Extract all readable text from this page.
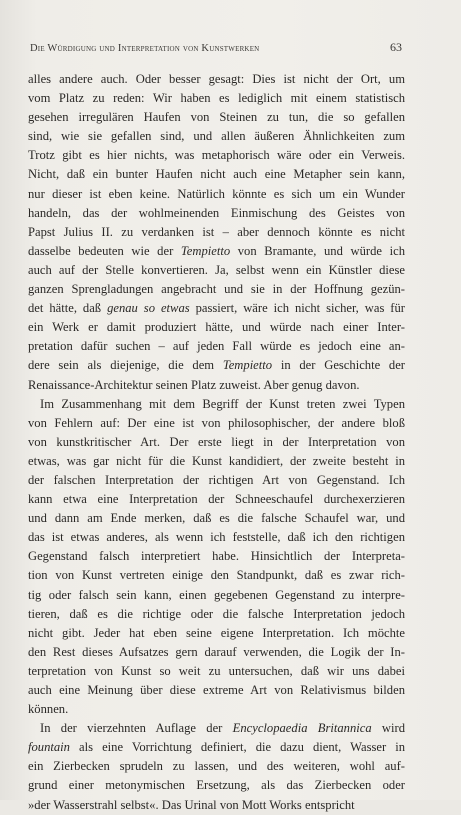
Die Würdigung und Interpretation von Kunstwerken	63
alles andere auch. Oder besser gesagt: Dies ist nicht der Ort, um
vom Platz zu reden: Wir haben es lediglich mit einem statistisch
gesehen irregulären Haufen von Steinen zu tun, die so gefallen
sind, wie sie gefallen sind, und allen äußeren Ähnlichkeiten zum
Trotz gibt es hier nichts, was metaphorisch wäre oder ein Verweis.
Nicht, daß ein bunter Haufen nicht auch eine Metapher sein kann,
nur dieser ist eben keine. Natürlich könnte es sich um ein Wunder
handeln, das der wohlmeinenden Einmischung des Geistes von
Papst Julius II. zu verdanken ist – aber dennoch könnte es nicht
dasselbe bedeuten wie der Tempietto von Bramante, und würde ich
auch auf der Stelle konvertieren. Ja, selbst wenn ein Künstler diese
ganzen Sprengladungen angebracht und sie in der Hoffnung gezün-
det hätte, daß genau so etwas passiert, wäre ich nicht sicher, was für
ein Werk er damit produziert hätte, und würde nach einer Inter-
pretation dafür suchen – auf jeden Fall würde es jedoch eine an-
dere sein als diejenige, die dem Tempietto in der Geschichte der
Renaissance-Architektur seinen Platz zuweist. Aber genug davon.
Im Zusammenhang mit dem Begriff der Kunst treten zwei Typen
von Fehlern auf: Der eine ist von philosophischer, der andere bloß
von kunstkritischer Art. Der erste liegt in der Interpretation von
etwas, was gar nicht für die Kunst kandidiert, der zweite besteht in
der falschen Interpretation der richtigen Art von Gegenstand. Ich
kann etwa eine Interpretation der Schneeschaufel durchexerzieren
und dann am Ende merken, daß es die falsche Schaufel war, und
das ist etwas anderes, als wenn ich feststelle, daß ich den richtigen
Gegenstand falsch interpretiert habe. Hinsichtlich der Interpreta-
tion von Kunst vertreten einige den Standpunkt, daß es zwar rich-
tig oder falsch sein kann, einen gegebenen Gegenstand zu interpre-
tieren, daß es die richtige oder die falsche Interpretation jedoch
nicht gibt. Jeder hat eben seine eigene Interpretation. Ich möchte
den Rest dieses Aufsatzes gern darauf verwenden, die Logik der In-
terpretation von Kunst so weit zu untersuchen, daß wir uns dabei
auch eine Meinung über diese extreme Art von Relativismus bilden
können.
In der vierzehnten Auflage der Encyclopaedia Britannica wird
fountain als eine Vorrichtung definiert, die dazu dient, Wasser in
ein Zierbecken sprudeln zu lassen, und des weiteren, wohl auf-
grund einer metonymischen Ersetzung, als das Zierbecken oder
»der Wasserstrahl selbst«. Das Urinal von Mott Works entspricht
